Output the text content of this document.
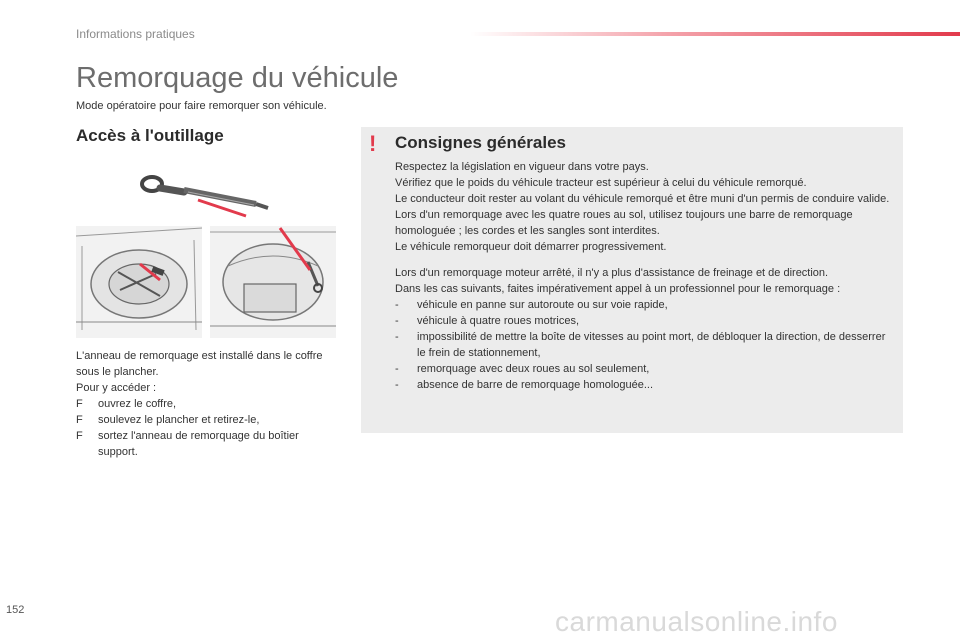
Informations pratiques
Remorquage du véhicule
Mode opératoire pour faire remorquer son véhicule.
Accès à l'outillage

L'anneau de remorquage est installé dans le coffre sous le plancher.

Pour y accéder :

F ouvrez le coffre,
F soulevez le plancher et retirez-le,
F sortez l'anneau de remorquage du boîtier support.
! Consignes générales

Respectez la législation en vigueur dans votre pays.

Vérifiez que le poids du véhicule tracteur est supérieur à celui du véhicule remorqué.

Le conducteur doit rester au volant du véhicule remorqué et être muni d'un permis de conduire valide.

Lors d'un remorquage avec les quatre roues au sol, utilisez toujours une barre de remorquage homologuée ; les cordes et les sangles sont interdites.

Le véhicule remorqueur doit démarrer progressivement.

Lors d'un remorquage moteur arrêté, il n'y a plus d'assistance de freinage et de direction.

Dans les cas suivants, faites impérativement appel à un professionnel pour le remorquage :

- véhicule en panne sur autoroute ou sur voie rapide,
- véhicule à quatre roues motrices,
- impossibilité de mettre la boîte de vitesses au point mort, de débloquer la direction, de desserrer le frein de stationnement,
- remorquage avec deux roues au sol seulement,
- absence de barre de remorquage homologuée...
152	carmanualsonline.info
